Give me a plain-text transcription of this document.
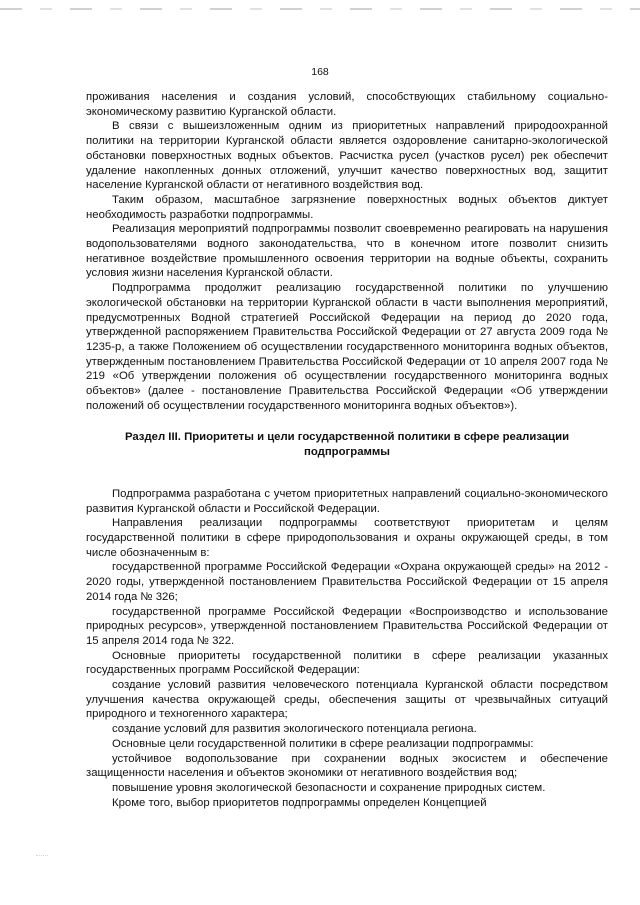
168

проживания населения и создания условий, способствующих стабильному социально-экономическому развитию Курганской области.

В связи с вышеизложенным одним из приоритетных направлений природоохранной политики на территории Курганской области является оздоровление санитарно-экологической обстановки поверхностных водных объектов. Расчистка русел (участков русел) рек обеспечит удаление накопленных донных отложений, улучшит качество поверхностных вод, защитит население Курганской области от негативного воздействия вод.

Таким образом, масштабное загрязнение поверхностных водных объектов диктует необходимость разработки подпрограммы.

Реализация мероприятий подпрограммы позволит своевременно реагировать на нарушения водопользователями водного законодательства, что в конечном итоге позволит снизить негативное воздействие промышленного освоения территории на водные объекты, сохранить условия жизни населения Курганской области.

Подпрограмма продолжит реализацию государственной политики по улучшению экологической обстановки на территории Курганской области в части выполнения мероприятий, предусмотренных Водной стратегией Российской Федерации на период до 2020 года, утвержденной распоряжением Правительства Российской Федерации от 27 августа 2009 года № 1235-р, а также Положением об осуществлении государственного мониторинга водных объектов, утвержденным постановлением Правительства Российской Федерации от 10 апреля 2007 года № 219 «Об утверждении положения об осуществлении государственного мониторинга водных объектов» (далее - постановление Правительства Российской Федерации «Об утверждении положений об осуществлении государственного мониторинга водных объектов»).

Раздел III. Приоритеты и цели государственной политики в сфере реализации
подпрограммы

Подпрограмма разработана с учетом приоритетных направлений социально-экономического развития Курганской области и Российской Федерации.

Направления реализации подпрограммы соответствуют приоритетам и целям государственной политики в сфере природопользования и охраны окружающей среды, в том числе обозначенным в:

государственной программе Российской Федерации «Охрана окружающей среды» на 2012 - 2020 годы, утвержденной постановлением Правительства Российской Федерации от 15 апреля 2014 года № 326;

государственной программе Российской Федерации «Воспроизводство и использование природных ресурсов», утвержденной постановлением Правительства Российской Федерации от 15 апреля 2014 года № 322.

Основные приоритеты государственной политики в сфере реализации указанных государственных программ Российской Федерации:

создание условий развития человеческого потенциала Курганской области посредством улучшения качества окружающей среды, обеспечения защиты от чрезвычайных ситуаций природного и техногенного характера;

создание условий для развития экологического потенциала региона.

Основные цели государственной политики в сфере реализации подпрограммы:

устойчивое водопользование при сохранении водных экосистем и обеспечение защищенности населения и объектов экономики от негативного воздействия вод;

повышение уровня экологической безопасности и сохранение природных систем.

Кроме того, выбор приоритетов подпрограммы определен Концепцией
